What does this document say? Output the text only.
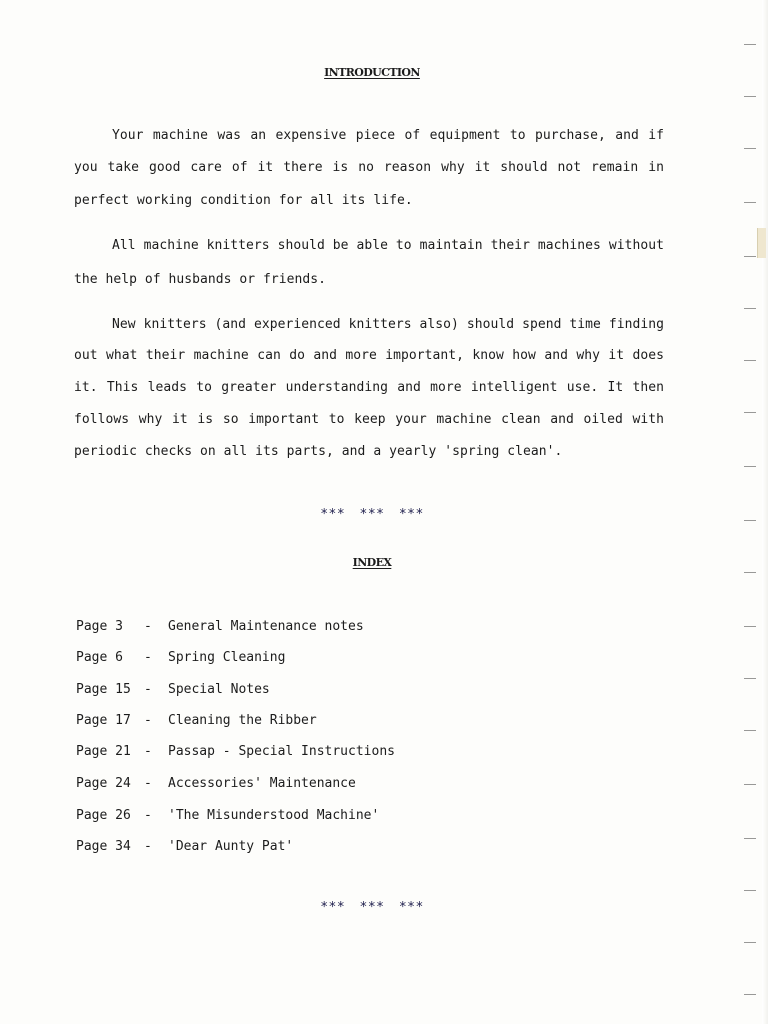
INTRODUCTION
Your machine was an expensive piece of equipment to purchase, and if
you take good care of it there is no reason why it should not remain in
perfect working condition for all its life.
All machine knitters should be able to maintain their machines without
the help of husbands or friends.
New knitters (and experienced knitters also) should spend time finding
out what their machine can do and more important, know how and why it does
it. This leads to greater understanding and more intelligent use. It then
follows why it is so important to keep your machine clean and oiled with
periodic checks on all its parts, and a yearly 'spring clean'.
*** *** ***
INDEX
Page 3	- General Maintenance notes
Page 6	- Spring Cleaning
Page 15	- Special Notes
Page 17	- Cleaning the Ribber
Page 21	- Passap - Special Instructions
Page 24	- Accessories' Maintenance
Page 26	- 'The Misunderstood Machine'
Page 34	- 'Dear Aunty Pat'
*** *** ***
